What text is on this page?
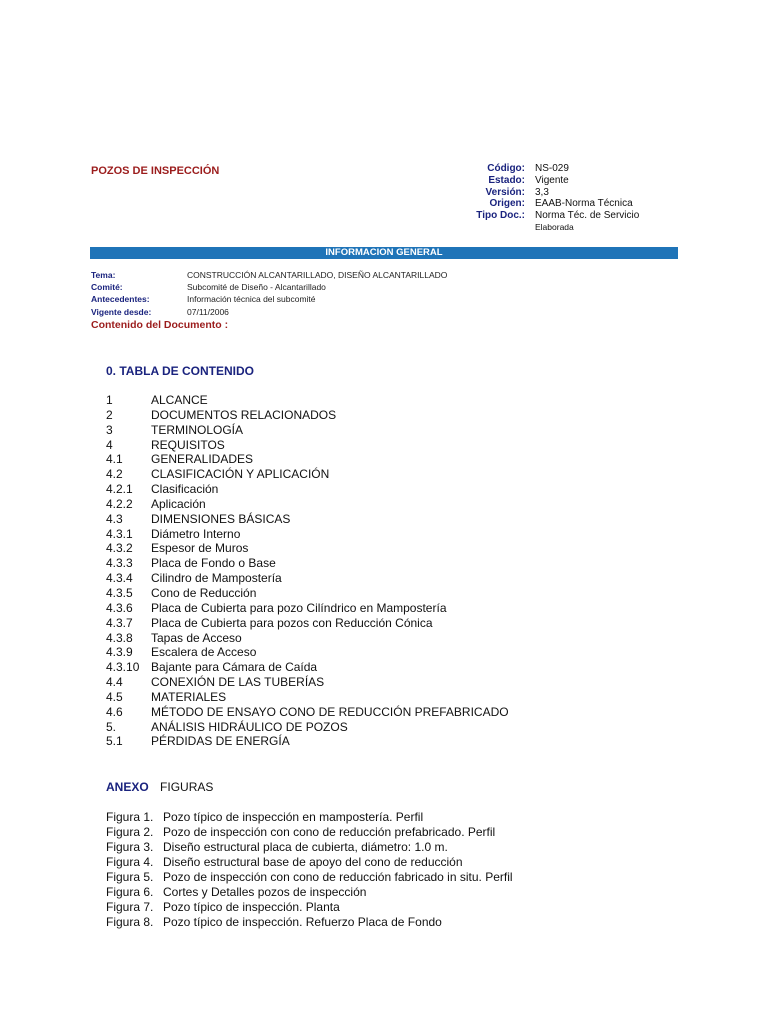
POZOS DE INSPECCIÓN	Código:	NS-029
Estado:	Vigente
Versión:	3,3
Origen:	EAAB-Norma Técnica
Tipo Doc.:	Norma Téc. de Servicio
Elaborada
INFORMACION GENERAL
Tema:	CONSTRUCCIÓN ALCANTARILLADO, DISEÑO ALCANTARILLADO
Comité:	Subcomité de Diseño - Alcantarillado
Antecedentes:	Información técnica del subcomité
Vigente desde:	07/11/2006
Contenido del Documento :
0. TABLA DE CONTENIDO
1	ALCANCE
2	DOCUMENTOS RELACIONADOS
3	TERMINOLOGÍA
4	REQUISITOS
4.1	GENERALIDADES
4.2	CLASIFICACIÓN Y APLICACIÓN
4.2.1	Clasificación
4.2.2	Aplicación
4.3	DIMENSIONES BÁSICAS
4.3.1	Diámetro Interno
4.3.2	Espesor de Muros
4.3.3	Placa de Fondo o Base
4.3.4	Cilindro de Mampostería
4.3.5	Cono de Reducción
4.3.6	Placa de Cubierta para pozo Cilíndrico en Mampostería
4.3.7	Placa de Cubierta para pozos con Reducción Cónica
4.3.8	Tapas de Acceso
4.3.9	Escalera de Acceso
4.3.10 Bajante para Cámara de Caída
4.4	CONEXIÓN DE LAS TUBERÍAS
4.5	MATERIALES
4.6	MÉTODO DE ENSAYO CONO DE REDUCCIÓN PREFABRICADO
5.	ANÁLISIS HIDRÁULICO DE POZOS
5.1	PÉRDIDAS DE ENERGÍA
ANEXO FIGURAS
Figura 1. Pozo típico de inspección en mampostería. Perfil
Figura 2. Pozo de inspección con cono de reducción prefabricado. Perfil
Figura 3. Diseño estructural placa de cubierta, diámetro: 1.0 m.
Figura 4. Diseño estructural base de apoyo del cono de reducción
Figura 5. Pozo de inspección con cono de reducción fabricado in situ. Perfil
Figura 6. Cortes y Detalles pozos de inspección
Figura 7. Pozo típico de inspección. Planta
Figura 8. Pozo típico de inspección. Refuerzo Placa de Fondo
